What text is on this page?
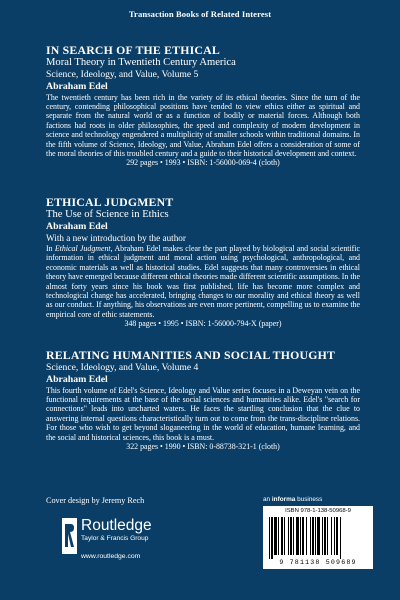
Transaction Books of Related Interest

IN SEARCH OF THE ETHICAL

Moral Theory in Twentieth Century America

Science, Ideology, and Value, Volume 5

Abraham Edel

The twentieth century has been rich in the variety of its ethical theories. Since the turn of the century, contending philosophical positions have tended to view ethics either as spiritual and separate from the natural world or as a function of bodily or material forces. Although both factions had roots in older philosophies, the speed and complexity of modern development in science and technology engendered a multiplicity of smaller schools within traditional domains. In the fifth volume of Science, Ideology, and Value, Abraham Edel offers a consideration of some of the moral theories of this troubled century and a guide to their historical development and context.

292 pages • 1993 • ISBN: 1-56000-069-4 (cloth)

ETHICAL JUDGMENT

The Use of Science in Ethics

Abraham Edel

With a new introduction by the author

In Ethical Judgment, Abraham Edel makes clear the part played by biological and social scientific information in ethical judgment and moral action using psychological, anthropological, and economic materials as well as historical studies. Edel suggests that many controversies in ethical theory have emerged because different ethical theories made different scientific assumptions. In the almost forty years since his book was first published, life has become more complex and technological change has accelerated, bringing changes to our morality and ethical theory as well as our conduct. If anything, his observations are even more pertinent, compelling us to examine the empirical core of ethic statements.

348 pages • 1995 • ISBN: 1-56000-794-X (paper)

RELATING HUMANITIES AND SOCIAL THOUGHT

Science, Ideology, and Value, Volume 4

Abraham Edel

This fourth volume of Edel's Science, Ideology and Value series focuses in a Deweyan vein on the functional requirements at the base of the social sciences and humanities alike. Edel's "search for connections" leads into uncharted waters. He faces the startling conclusion that the clue to answering internal questions characteristically turn out to come from the trans-discipline relations. For those who wish to get beyond sloganeering in the world of education, humane learning, and the social and historical sciences, this book is a must.

322 pages • 1990 • ISBN: 0-88738-321-1 (cloth)

Cover design by Jeremy Rech
Routledge
Taylor & Francis Group
www.routledge.com
an informa business
ISBN 978-1-138-50968-9
9 781138 509689
